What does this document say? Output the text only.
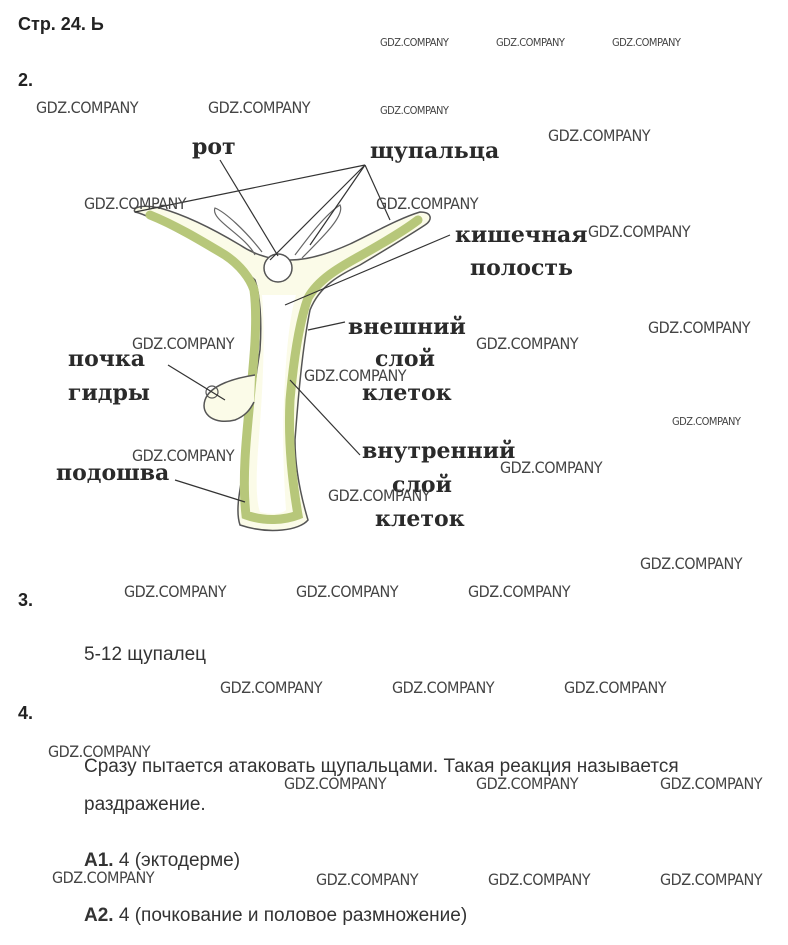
Стр. 24. Ь
2.
рот	щупальца
кишечная
полость
внешний
слой
клеток
почка
гидры
внутренний
слой
клеток
подошва
3.
5-12 щупалец
4.
Сразу пытается атаковать щупальцами. Такая реакция называется
раздражение.
A1. 4 (эктодерме)
A2. 4 (почкование и половое размножение)
GDZ.COMPANY	GDZ.COMPANY	GDZ.COMPANY
GDZ.COMPANY	GDZ.COMPANY	GDZ.COMPANY
GDZ.COMPANY
GDZ.COMPANY	GDZ.COMPANY
GDZ.COMPANY
GDZ.COMPANY
GDZ.COMPANY	GDZ.COMPANY
GDZ.COMPANY
GDZ.COMPANY
GDZ.COMPANY
GDZ.COMPANY
GDZ.COMPANY
GDZ.COMPANY
GDZ.COMPANY	GDZ.COMPANY	GDZ.COMPANY
GDZ.COMPANY	GDZ.COMPANY	GDZ.COMPANY
GDZ.COMPANY
GDZ.COMPANY	GDZ.COMPANY	GDZ.COMPANY
GDZ.COMPANY	GDZ.COMPANY	GDZ.COMPANY	GDZ.COMPANY
